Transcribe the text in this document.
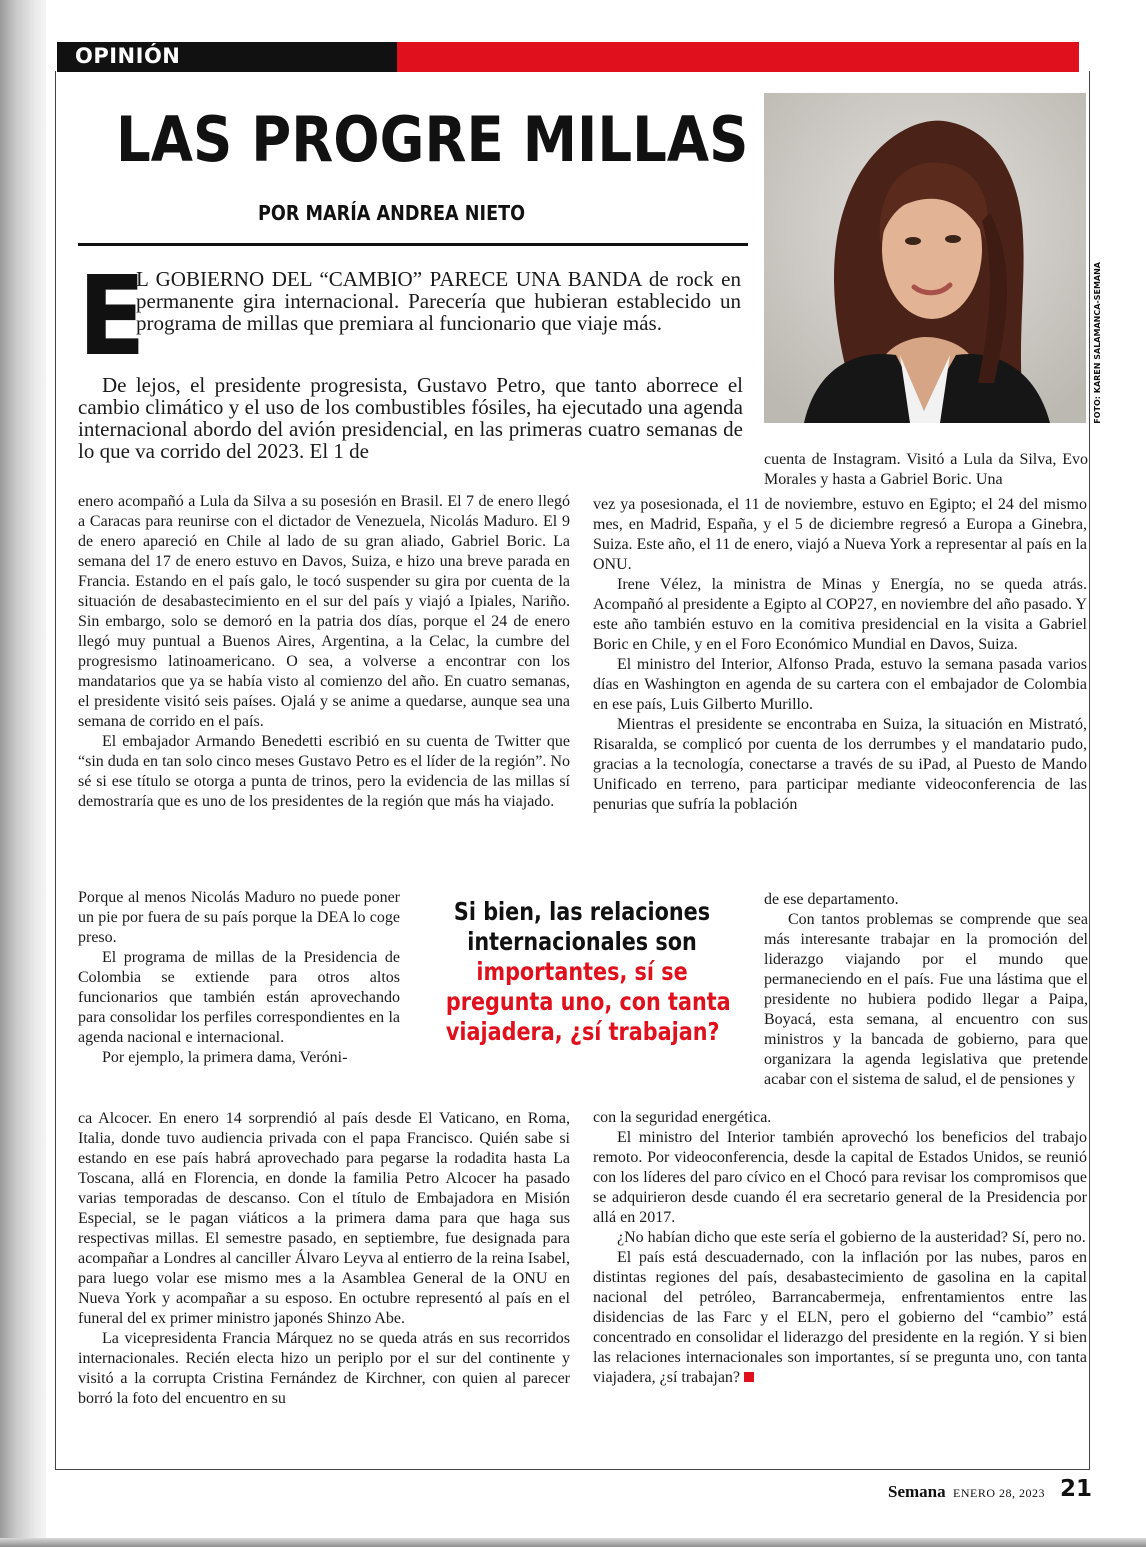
OPINIÓN
LAS PROGRE MILLAS
POR MARÍA ANDREA NIETO
FOTO: KAREN SALAMANCA-SEMANA
E

L GOBIERNO DEL “CAMBIO” PARECE UNA BANDA de rock en permanente gira internacional. Parecería que hubieran establecido un programa de millas que premiara al funcionario que viaje más.

De lejos, el presidente progresista, Gustavo Petro, que tanto aborrece el cambio climático y el uso de los combustibles fósiles, ha ejecutado una agenda internacional abordo del avión presidencial, en las primeras cuatro semanas de lo que va corrido del 2023. El 1 de	cuenta de Instagram. Visitó a Lula da Silva, Evo Morales y hasta a Gabriel Boric. Una

enero acompañó a Lula da Silva a su posesión en Brasil. El 7 de enero llegó a Caracas para reunirse con el dictador de Venezuela, Nicolás Maduro. El 9 de enero apareció en Chile al lado de su gran aliado, Gabriel Boric. La semana del 17 de enero estuvo en Davos, Suiza, e hizo una breve parada en Francia. Estando en el país galo, le tocó suspender su gira por cuenta de la situación de desabastecimiento en el sur del país y viajó a Ipiales, Nariño. Sin embargo, solo se demoró en la patria dos días, porque el 24 de enero llegó muy puntual a Buenos Aires, Argentina, a la Celac, la cumbre del progresismo latinoamericano. O sea, a volverse a encontrar con los mandatarios que ya se había visto al comienzo del año. En cuatro semanas, el presidente visitó seis países. Ojalá y se anime a quedarse, aunque sea una semana de corrido en el país.

El embajador Armando Benedetti escribió en su cuenta de Twitter que “sin duda en tan solo cinco meses Gustavo Petro es el líder de la región”. No sé si ese título se otorga a punta de trinos, pero la evidencia de las millas sí demostraría que es uno de los presidentes de la región que más ha viajado.

Porque al menos Nicolás Maduro no puede poner un pie por fuera de su país porque la DEA lo coge preso.

El programa de millas de la Presidencia de Colombia se extiende para otros altos funcionarios que también están aprovechando para consolidar los perfiles correspondientes en la agenda nacional e internacional.

Por ejemplo, la primera dama, Veróni-

ca Alcocer. En enero 14 sorprendió al país desde El Vaticano, en Roma, Italia, donde tuvo audiencia privada con el papa Francisco. Quién sabe si estando en ese país habrá aprovechado para pegarse la rodadita hasta La Toscana, allá en Florencia, en donde la familia Petro Alcocer ha pasado varias temporadas de descanso. Con el título de Embajadora en Misión Especial, se le pagan viáticos a la primera dama para que haga sus respectivas millas. El semestre pasado, en septiembre, fue designada para acompañar a Londres al canciller Álvaro Leyva al entierro de la reina Isabel, para luego volar ese mismo mes a la Asamblea General de la ONU en Nueva York y acompañar a su esposo. En octubre representó al país en el funeral del ex primer ministro japonés Shinzo Abe.

La vicepresidenta Francia Márquez no se queda atrás en sus recorridos internacionales. Recién electa hizo un periplo por el sur del continente y visitó a la corrupta Cristina Fernández de Kirchner, con quien al parecer borró la foto del encuentro en su

vez ya posesionada, el 11 de noviembre, estuvo en Egipto; el 24 del mismo mes, en Madrid, España, y el 5 de diciembre regresó a Europa a Ginebra, Suiza. Este año, el 11 de enero, viajó a Nueva York a representar al país en la ONU.

Irene Vélez, la ministra de Minas y Energía, no se queda atrás. Acompañó al presidente a Egipto al COP27, en noviembre del año pasado. Y este año también estuvo en la comitiva presidencial en la visita a Gabriel Boric en Chile, y en el Foro Económico Mundial en Davos, Suiza.

El ministro del Interior, Alfonso Prada, estuvo la semana pasada varios días en Washington en agenda de su cartera con el embajador de Colombia en ese país, Luis Gilberto Murillo.

Mientras el presidente se encontraba en Suiza, la situación en Mistrató, Risaralda, se complicó por cuenta de los derrumbes y el mandatario pudo, gracias a la tecnología, conectarse a través de su iPad, al Puesto de Mando Unificado en terreno, para participar mediante videoconferencia de las penurias que sufría la población

de ese departamento.

Con tantos problemas se comprende que sea más interesante trabajar en la promoción del liderazgo viajando por el mundo que permaneciendo en el país. Fue una lástima que el presidente no hubiera podido llegar a Paipa, Boyacá, esta semana, al encuentro con sus ministros y la bancada de gobierno, para que organizara la agenda legislativa que pretende acabar con el sistema de salud, el de pensiones y

con la seguridad energética.

El ministro del Interior también aprovechó los beneficios del trabajo remoto. Por videoconferencia, desde la capital de Estados Unidos, se reunió con los líderes del paro cívico en el Chocó para revisar los compromisos que se adquirieron desde cuando él era secretario general de la Presidencia por allá en 2017.

¿No habían dicho que este sería el gobierno de la austeridad? Sí, pero no.

El país está descuadernado, con la inflación por las nubes, paros en distintas regiones del país, desabastecimiento de gasolina en la capital nacional del petróleo, Barrancabermeja, enfrentamientos entre las disidencias de las Farc y el ELN, pero el gobierno del “cambio” está concentrado en consolidar el liderazgo del presidente en la región. Y si bien las relaciones internacionales son importantes, sí se pregunta uno, con tanta viajadera, ¿sí trabajan?

Si bien, las relaciones
internacionales son
importantes, sí se
pregunta uno, con tanta
viajadera, ¿sí trabajan?
Semana ENERO 28, 2023 21
